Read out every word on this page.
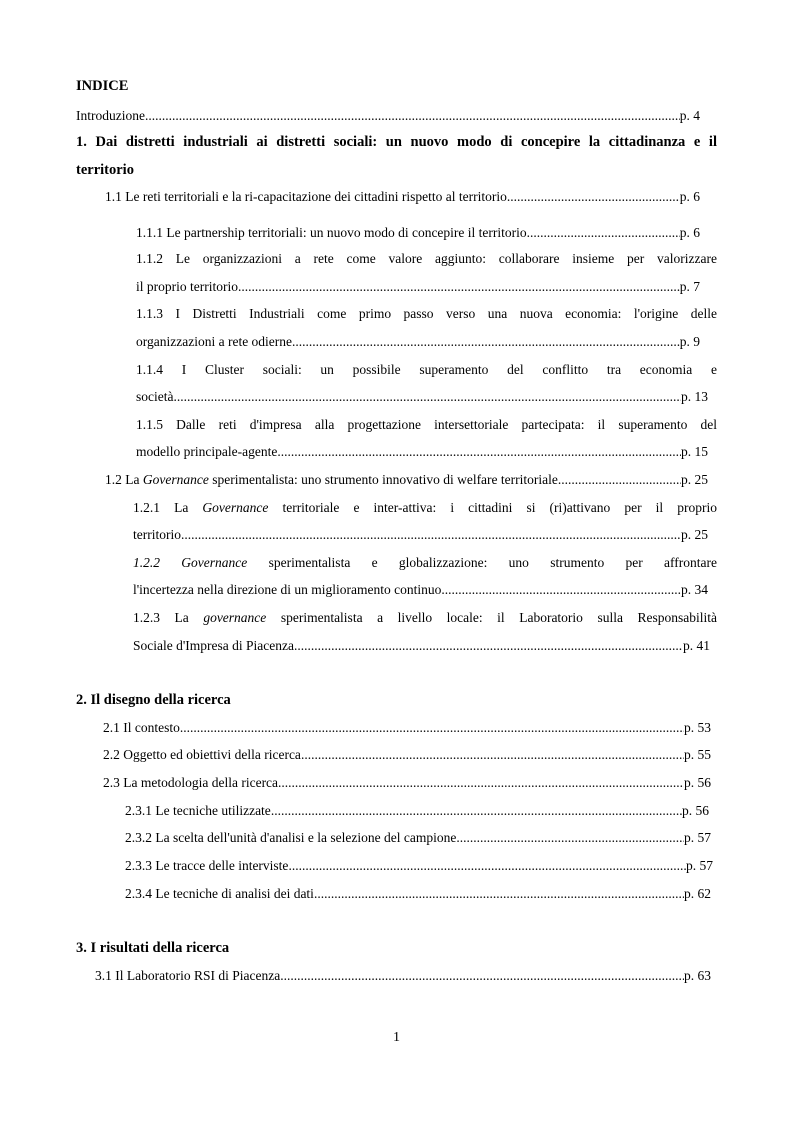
INDICE
Introduzione .....	p. 4
1. Dai distretti industriali ai distretti sociali: un nuovo modo di concepire la cittadinanza e il
territorio
1.1 Le reti territoriali e la ri-capacitazione dei cittadini rispetto al territorio .....	p. 6
1.1.1 Le partnership territoriali: un nuovo modo di concepire il territorio .....	p. 6
1.1.2 Le organizzazioni a rete come valore aggiunto: collaborare insieme per valorizzare
il proprio territorio .....	p. 7
1.1.3 I Distretti Industriali come primo passo verso una nuova economia: l'origine delle
organizzazioni a rete odierne .....	p. 9
1.1.4 I Cluster sociali: un possibile superamento del conflitto tra economia e
società .....	p. 13
1.1.5 Dalle reti d'impresa alla progettazione intersettoriale partecipata: il superamento del
modello principale-agente .....	p. 15
1.2 La Governance sperimentalista: uno strumento innovativo di welfare territoriale .....	p. 25
1.2.1 La Governance territoriale e inter-attiva: i cittadini si (ri)attivano per il proprio
territorio .....	p. 25
1.2.2 Governance sperimentalista e globalizzazione: uno strumento per affrontare
l'incertezza nella direzione di un miglioramento continuo .....	p. 34
1.2.3 La governance sperimentalista a livello locale: il Laboratorio sulla Responsabilità
Sociale d'Impresa di Piacenza .....	p. 41
2. Il disegno della ricerca
2.1 Il contesto .....	p. 53
2.2 Oggetto ed obiettivi della ricerca .....	p. 55
2.3 La metodologia della ricerca .....	p. 56
2.3.1 Le tecniche utilizzate .....	p. 56
2.3.2 La scelta dell'unità d'analisi e la selezione del campione .....	p. 57
2.3.3 Le tracce delle interviste .....	p. 57
2.3.4 Le tecniche di analisi dei dati .....	p. 62
3. I risultati della ricerca
3.1 Il Laboratorio RSI di Piacenza .....	p. 63
1
